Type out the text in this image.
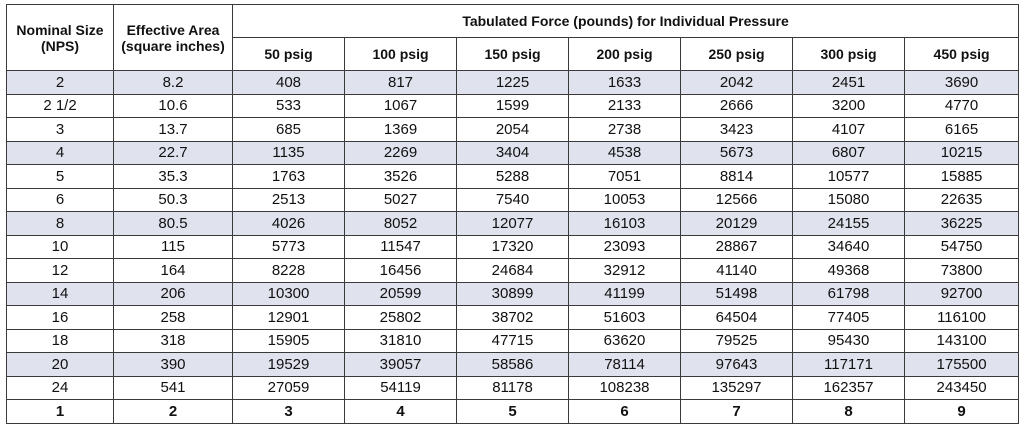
Nominal Size (NPS)	Effective Area (square inches)	Tabulated Force (pounds) for Individual Pressure						
		50 psig	100 psig	150 psig	200 psig	250 psig	300 psig	450 psig
2	8.2	408	817	1225	1633	2042	2451	3690
2 1/2	10.6	533	1067	1599	2133	2666	3200	4770
3	13.7	685	1369	2054	2738	3423	4107	6165
4	22.7	1135	2269	3404	4538	5673	6807	10215
5	35.3	1763	3526	5288	7051	8814	10577	15885
6	50.3	2513	5027	7540	10053	12566	15080	22635
8	80.5	4026	8052	12077	16103	20129	24155	36225
10	115	5773	11547	17320	23093	28867	34640	54750
12	164	8228	16456	24684	32912	41140	49368	73800
14	206	10300	20599	30899	41199	51498	61798	92700
16	258	12901	25802	38702	51603	64504	77405	116100
18	318	15905	31810	47715	63620	79525	95430	143100
20	390	19529	39057	58586	78114	97643	117171	175500
24	541	27059	54119	81178	108238	135297	162357	243450
1	2	3	4	5	6	7	8	9
